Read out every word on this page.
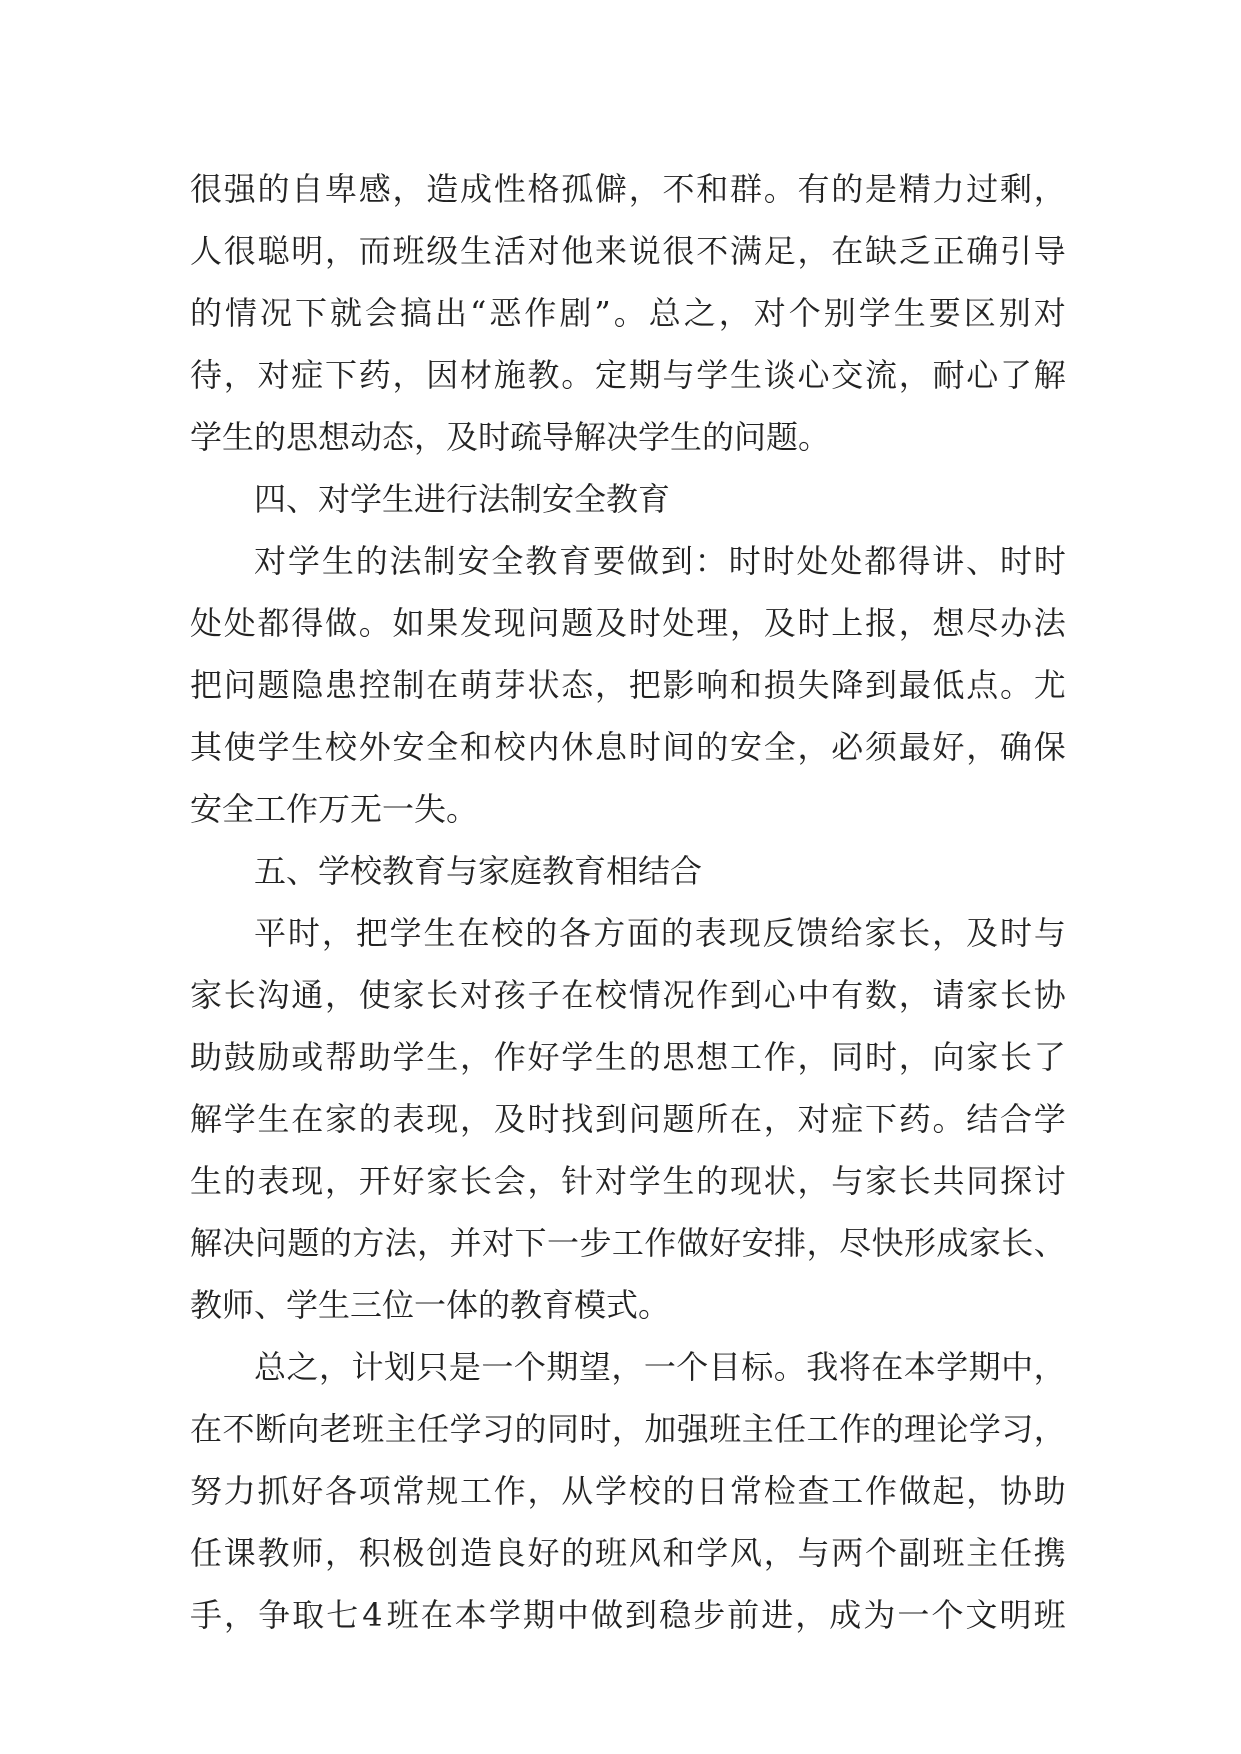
很 强 的 自 卑 感 ， 造 成 性 格 孤 僻 ， 不 和 群 。 有 的 是 精 力 过 剩 ，
人 很 聪 明 ， 而 班 级 生 活 对 他 来 说 很 不 满 足 ， 在 缺 乏 正 确 引 导
的 情 况 下 就 会 搞 出 “ 恶 作 剧 ” 。 总 之 ， 对 个 别 学 生 要 区 别 对
待 ， 对 症 下 药 ， 因 材 施 教 。 定 期 与 学 生 谈 心 交 流 ， 耐 心 了 解
学生的思想动态，及时疏导解决学生的问题。
四、对学生进行法制安全教育
对 学 生 的 法 制 安 全 教 育 要 做 到 ： 时 时 处 处 都 得 讲 、 时 时
处 处 都 得 做 。 如 果 发 现 问 题 及 时 处 理 ， 及 时 上 报 ， 想 尽 办 法
把 问 题 隐 患 控 制 在 萌 芽 状 态 ， 把 影 响 和 损 失 降 到 最 低 点 。 尤
其 使 学 生 校 外 安 全 和 校 内 休 息 时 间 的 安 全 ， 必 须 最 好 ， 确 保
安全工作万无一失。
五、学校教育与家庭教育相结合
平 时 ， 把 学 生 在 校 的 各 方 面 的 表 现 反 馈 给 家 长 ， 及 时 与
家 长 沟 通 ， 使 家 长 对 孩 子 在 校 情 况 作 到 心 中 有 数 ， 请 家 长 协
助 鼓 励 或 帮 助 学 生 ， 作 好 学 生 的 思 想 工 作 ， 同 时 ， 向 家 长 了
解 学 生 在 家 的 表 现 ， 及 时 找 到 问 题 所 在 ， 对 症 下 药 。 结 合 学
生 的 表 现 ， 开 好 家 长 会 ， 针 对 学 生 的 现 状 ， 与 家 长 共 同 探 讨
解 决 问 题 的 方 法 ， 并 对 下 一 步 工 作 做 好 安 排 ， 尽 快 形 成 家 长 、
教师、学生三位一体的教育模式。
总 之 ， 计 划 只 是 一 个 期 望 ， 一 个 目 标 。 我 将 在 本 学 期 中 ，
在 不 断 向 老 班 主 任 学 习 的 同 时 ， 加 强 班 主 任 工 作 的 理 论 学 习 ，
努 力 抓 好 各 项 常 规 工 作 ， 从 学 校 的 日 常 检 查 工 作 做 起 ， 协 助
任 课 教 师 ， 积 极 创 造 良 好 的 班 风 和 学 风 ， 与 两 个 副 班 主 任 携
手 ， 争 取 七 4 班 在 本 学 期 中 做 到 稳 步 前 进 ， 成 为 一 个 文 明 班
